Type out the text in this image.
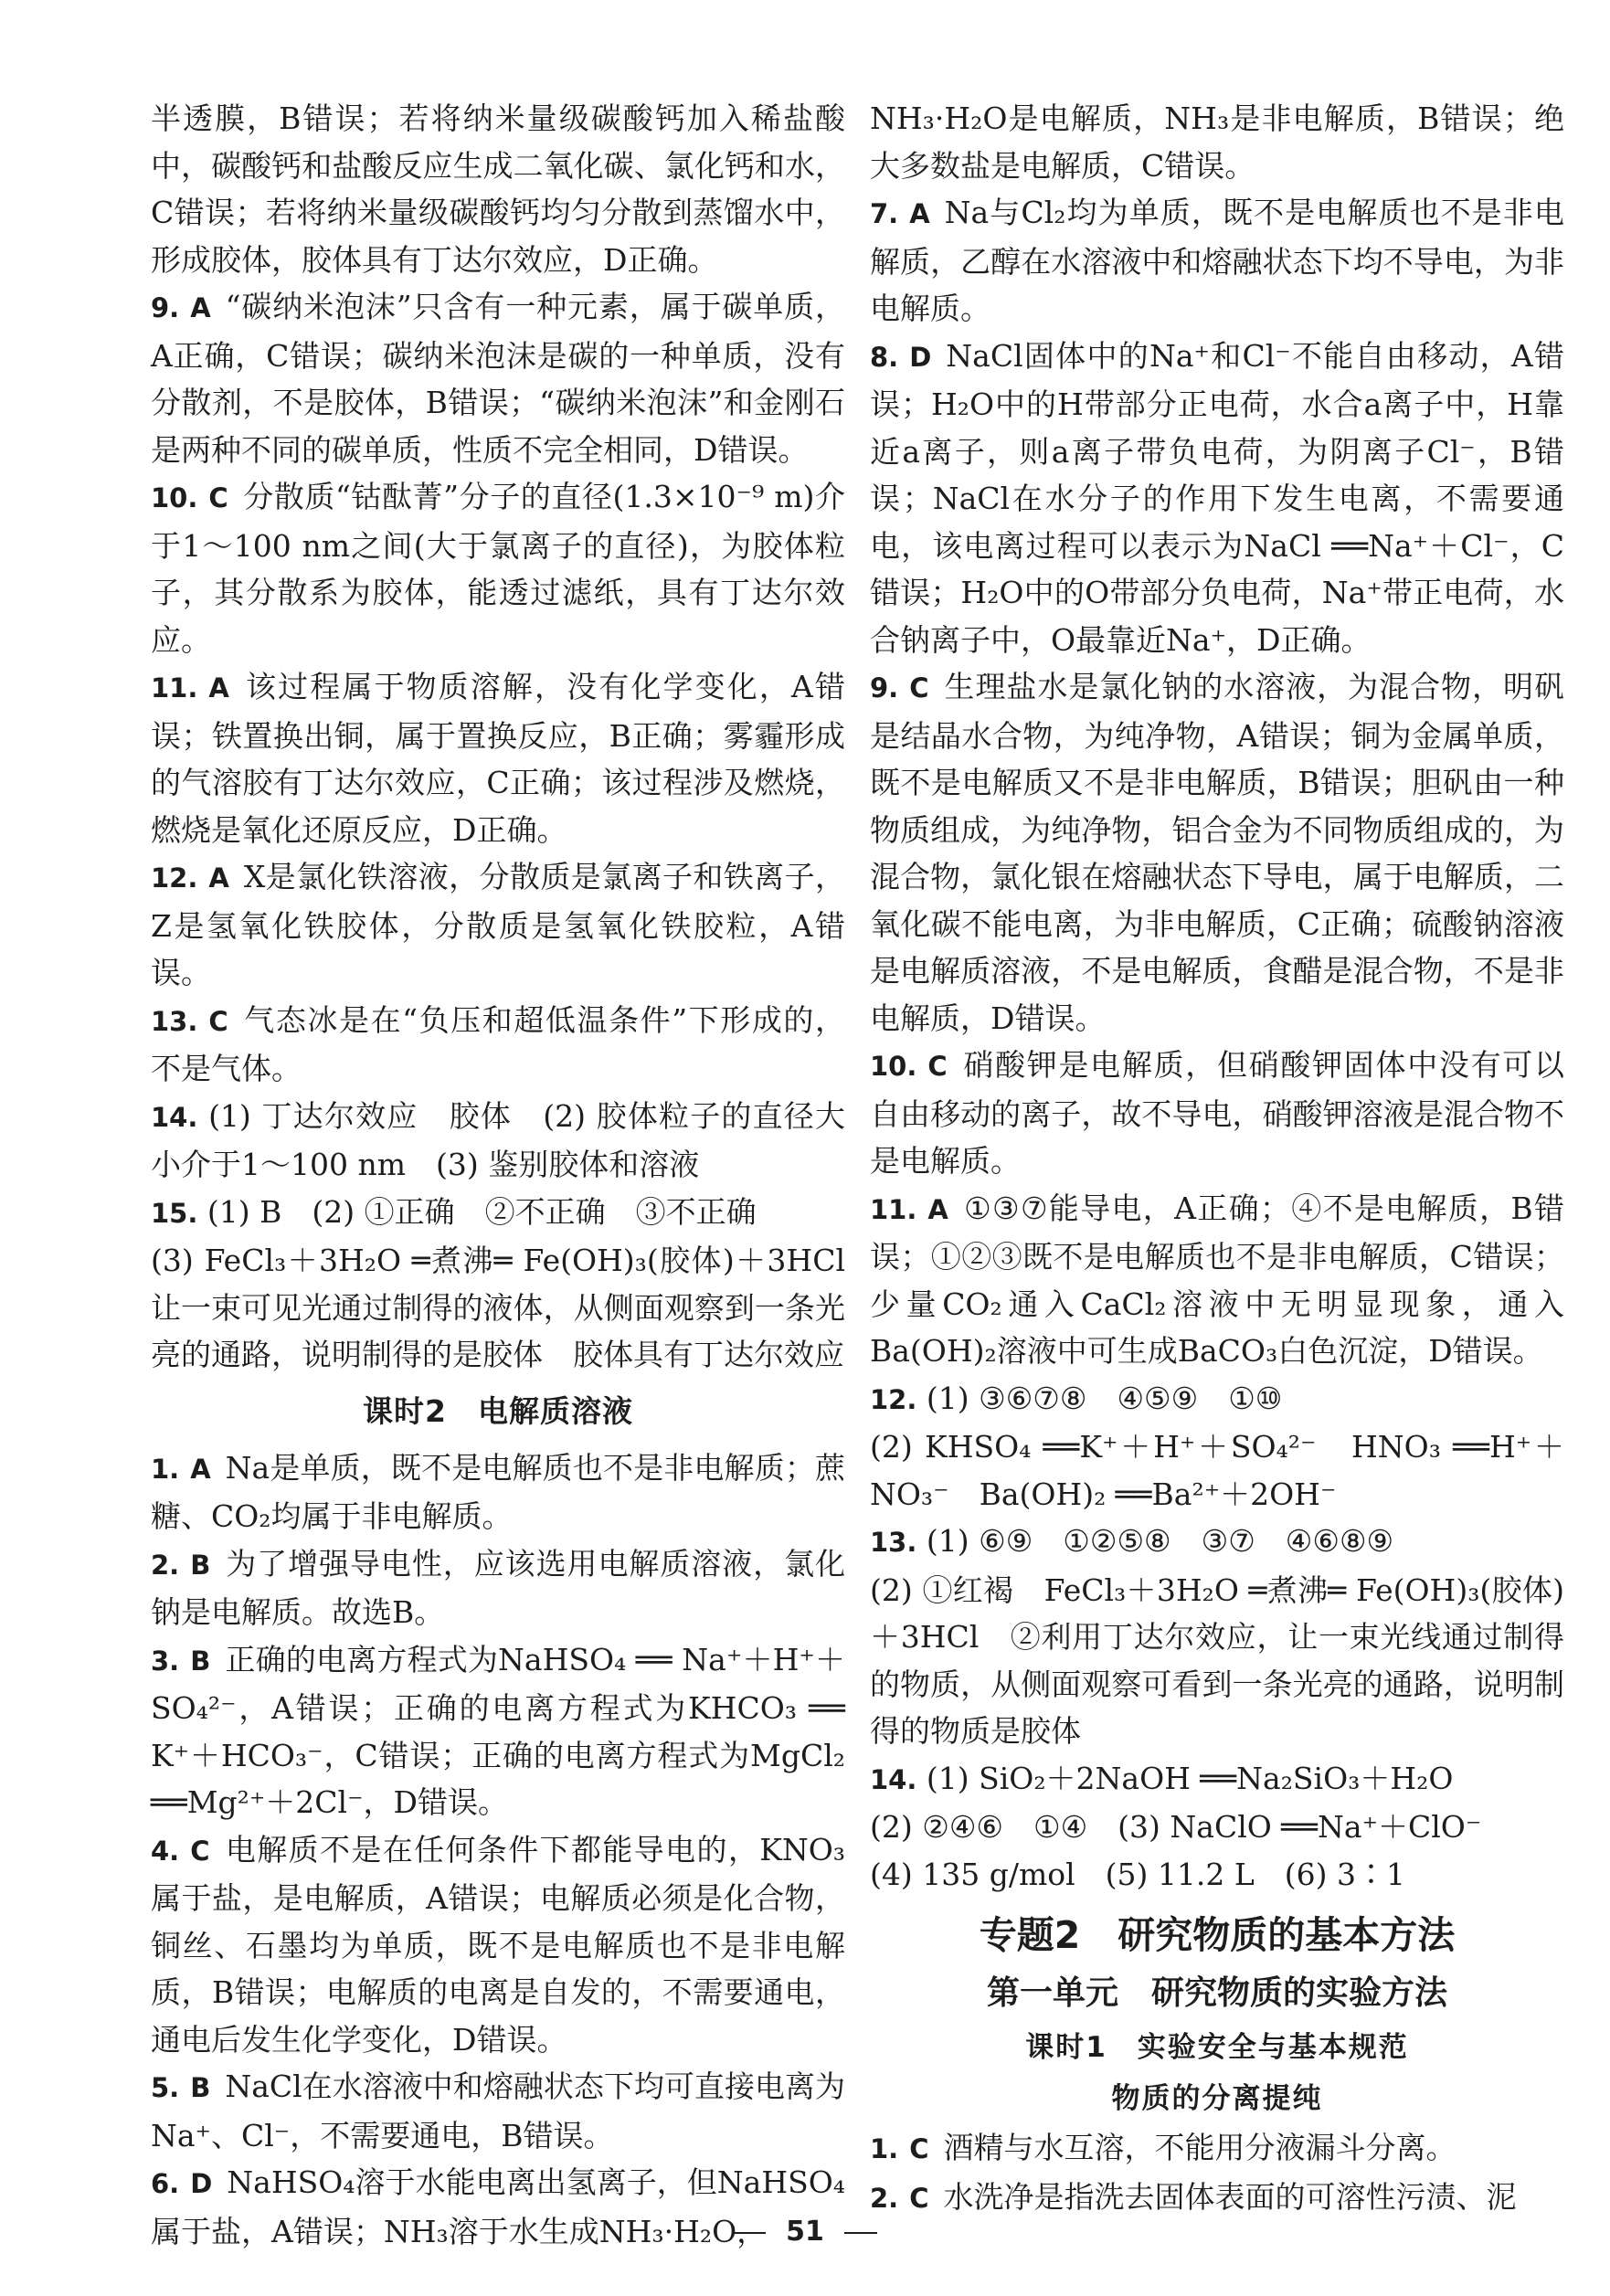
半透膜，B错误；若将纳米量级碳酸钙加入稀盐酸中，碳酸钙和盐酸反应生成二氧化碳、氯化钙和水，C错误；若将纳米量级碳酸钙均匀分散到蒸馏水中，形成胶体，胶体具有丁达尔效应，D正确。

9. A “碳纳米泡沫”只含有一种元素，属于碳单质，A正确，C错误；碳纳米泡沫是碳的一种单质，没有分散剂，不是胶体，B错误；“碳纳米泡沫”和金刚石是两种不同的碳单质，性质不完全相同，D错误。

10. C 分散质“钴酞菁”分子的直径(1.3×10⁻⁹ m)介于1～100 nm之间(大于氯离子的直径)，为胶体粒子，其分散系为胶体，能透过滤纸，具有丁达尔效应。

11. A 该过程属于物质溶解，没有化学变化，A错误；铁置换出铜，属于置换反应，B正确；雾霾形成的气溶胶有丁达尔效应，C正确；该过程涉及燃烧，燃烧是氧化还原反应，D正确。

12. A X是氯化铁溶液，分散质是氯离子和铁离子，Z是氢氧化铁胶体，分散质是氢氧化铁胶粒，A错误。

13. C 气态冰是在“负压和超低温条件”下形成的，不是气体。

14. (1) 丁达尔效应　胶体　(2) 胶体粒子的直径大小介于1～100 nm　(3) 鉴别胶体和溶液

15. (1) B　(2) ①正确　②不正确　③不正确

(3) FeCl₃＋3H₂O ═煮沸═ Fe(OH)₃(胶体)＋3HCl　让一束可见光通过制得的液体，从侧面观察到一条光亮的通路，说明制得的是胶体　胶体具有丁达尔效应

课时2　电解质溶液

1. A Na是单质，既不是电解质也不是非电解质；蔗糖、CO₂均属于非电解质。

2. B 为了增强导电性，应该选用电解质溶液，氯化钠是电解质。故选B。

3. B 正确的电离方程式为NaHSO₄ ══ Na⁺＋H⁺＋SO₄²⁻，A错误；正确的电离方程式为KHCO₃ ══ K⁺＋HCO₃⁻，C错误；正确的电离方程式为MgCl₂ ══Mg²⁺＋2Cl⁻，D错误。

4. C 电解质不是在任何条件下都能导电的，KNO₃属于盐，是电解质，A错误；电解质必须是化合物，铜丝、石墨均为单质，既不是电解质也不是非电解质，B错误；电解质的电离是自发的，不需要通电，通电后发生化学变化，D错误。

5. B NaCl在水溶液中和熔融状态下均可直接电离为Na⁺、Cl⁻，不需要通电，B错误。

6. D NaHSO₄溶于水能电离出氢离子，但NaHSO₄属于盐，A错误；NH₃溶于水生成NH₃·H₂O，

NH₃·H₂O是电解质，NH₃是非电解质，B错误；绝大多数盐是电解质，C错误。

7. A Na与Cl₂均为单质，既不是电解质也不是非电解质，乙醇在水溶液中和熔融状态下均不导电，为非电解质。

8. D NaCl固体中的Na⁺和Cl⁻不能自由移动，A错误；H₂O中的H带部分正电荷，水合a离子中，H靠近a离子，则a离子带负电荷，为阴离子Cl⁻，B错误；NaCl在水分子的作用下发生电离，不需要通电，该电离过程可以表示为NaCl ══Na⁺＋Cl⁻，C错误；H₂O中的O带部分负电荷，Na⁺带正电荷，水合钠离子中，O最靠近Na⁺，D正确。

9. C 生理盐水是氯化钠的水溶液，为混合物，明矾是结晶水合物，为纯净物，A错误；铜为金属单质，既不是电解质又不是非电解质，B错误；胆矾由一种物质组成，为纯净物，铝合金为不同物质组成的，为混合物，氯化银在熔融状态下导电，属于电解质，二氧化碳不能电离，为非电解质，C正确；硫酸钠溶液是电解质溶液，不是电解质，食醋是混合物，不是非电解质，D错误。

10. C 硝酸钾是电解质，但硝酸钾固体中没有可以自由移动的离子，故不导电，硝酸钾溶液是混合物不是电解质。

11. A ①③⑦能导电，A正确；④不是电解质，B错误；①②③既不是电解质也不是非电解质，C错误；少量CO₂通入CaCl₂溶液中无明显现象，通入Ba(OH)₂溶液中可生成BaCO₃白色沉淀，D错误。

12. (1) ③⑥⑦⑧　④⑤⑨　①⑩

(2) KHSO₄ ══K⁺＋H⁺＋SO₄²⁻　HNO₃ ══H⁺＋NO₃⁻　Ba(OH)₂ ══Ba²⁺＋2OH⁻

13. (1) ⑥⑨　①②⑤⑧　③⑦　④⑥⑧⑨

(2) ①红褐　FeCl₃＋3H₂O ═煮沸═ Fe(OH)₃(胶体)＋3HCl　②利用丁达尔效应，让一束光线通过制得的物质，从侧面观察可看到一条光亮的通路，说明制得的物质是胶体

14. (1) SiO₂＋2NaOH ══Na₂SiO₃＋H₂O

(2) ②④⑥　①④　(3) NaClO ══Na⁺＋ClO⁻

(4) 135 g/mol　(5) 11.2 L　(6) 3∶1

专题2　研究物质的基本方法
第一单元　研究物质的实验方法
课时1　实验安全与基本规范
物质的分离提纯

1. C 酒精与水互溶，不能用分液漏斗分离。

2. C 水洗净是指洗去固体表面的可溶性污渍、泥

51
